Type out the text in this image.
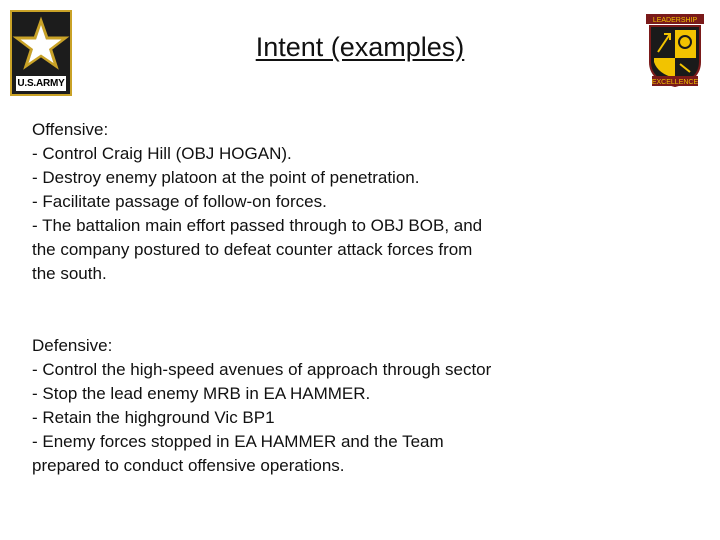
U.S.ARMY
Intent (examples)
LEADERSHIP
EXCELLENCE
Offensive:
- Control Craig Hill (OBJ HOGAN).
- Destroy enemy platoon at the point of penetration.
- Facilitate passage of follow-on forces.
- The battalion main effort passed through to OBJ BOB, and
the company postured to defeat counter attack forces from
the south.
Defensive:
- Control the high-speed avenues of approach through sector
- Stop the lead enemy MRB in EA HAMMER.
- Retain the highground Vic BP1
- Enemy forces stopped in EA HAMMER and the Team
prepared to conduct offensive operations.
